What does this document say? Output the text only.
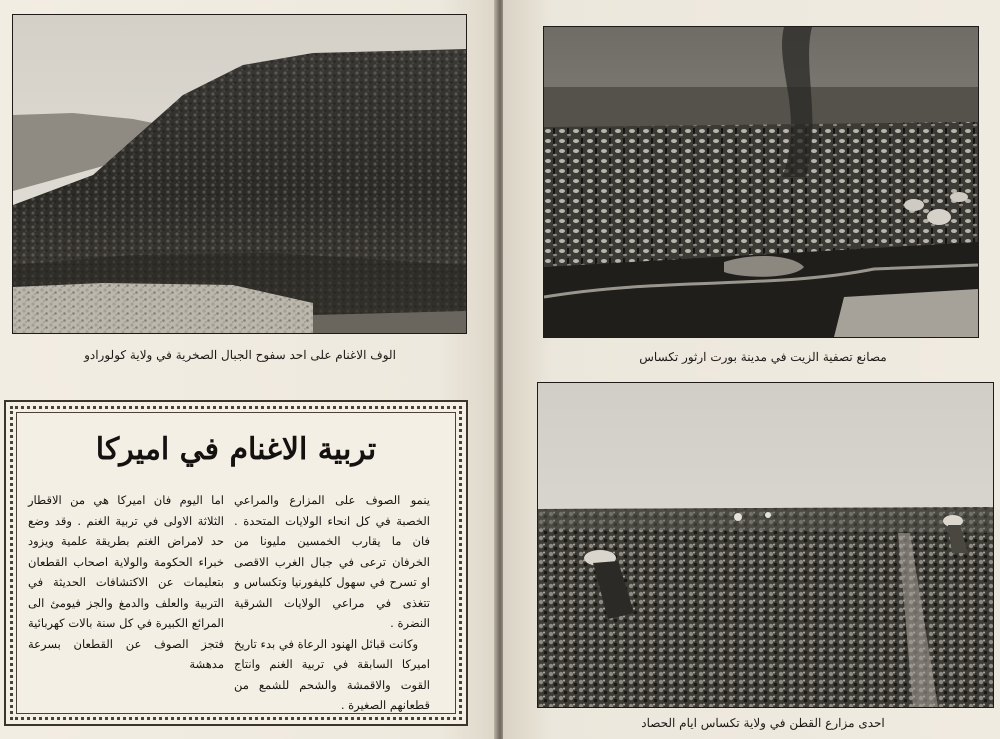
الوف الاغنام على احد سفوح الجبال الصخرية في ولاية كولورادو
تربية الاغنام في اميركا

ينمو الصوف على المزارع والمراعي الخصبة في كل انحاء الولايات المتحدة . فان ما يقارب الخمسين مليونا من الخرفان ترعى في جبال الغرب الاقصى او تسرح في سهول كليفورنيا وتكساس و تتغذى في مراعي الولايات الشرقية النضرة .

وكانت قبائل الهنود الرعاة في بدء تاريخ اميركا السابقة في تربية الغنم وانتاج القوت والاقمشة والشحم للشمع من قطعانهم الصغيرة .

اما اليوم فان اميركا هي من الاقطار الثلاثة الاولى في تربية الغنم . وقد وضع حد لامراض الغنم بطريقة علمية ويزود خبراء الحكومة والولاية اصحاب القطعان بتعليمات عن الاكتشافات الحديثة في التربية والعلف والدمغ والجز فيومئ الى المرائع الكبيرة في كل سنة بالات كهربائية فتجز الصوف عن القطعان بسرعة مدهشة

مصانع تصفية الزيت في مدينة بورت ارثور تكساس
احدى مزارع القطن في ولاية تكساس ايام الحصاد
